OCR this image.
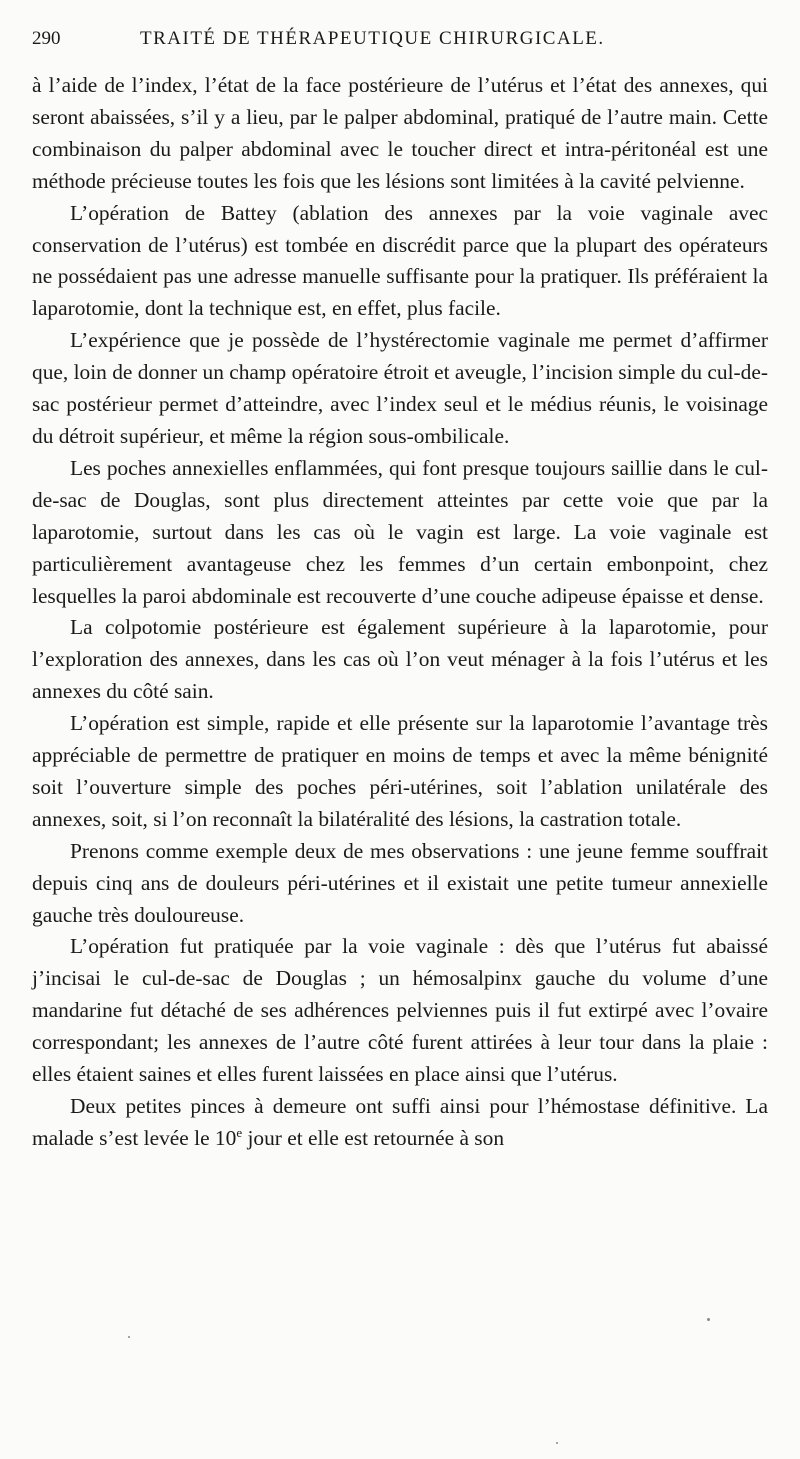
290	TRAITÉ DE THÉRAPEUTIQUE CHIRURGICALE.

à l’aide de l’index, l’état de la face postérieure de l’utérus et l’état des annexes, qui seront abaissées, s’il y a lieu, par le palper abdominal, pratiqué de l’autre main. Cette combinaison du palper abdominal avec le toucher direct et intra-péritonéal est une méthode précieuse toutes les fois que les lésions sont limitées à la cavité pelvienne.

L’opération de Battey (ablation des annexes par la voie vaginale avec conservation de l’utérus) est tombée en discrédit parce que la plupart des opérateurs ne possédaient pas une adresse manuelle suffisante pour la pratiquer. Ils préféraient la laparotomie, dont la technique est, en effet, plus facile.

L’expérience que je possède de l’hystérectomie vaginale me permet d’affirmer que, loin de donner un champ opératoire étroit et aveugle, l’incision simple du cul-de-sac postérieur permet d’atteindre, avec l’index seul et le médius réunis, le voisinage du détroit supérieur, et même la région sous-ombilicale.

Les poches annexielles enflammées, qui font presque toujours saillie dans le cul-de-sac de Douglas, sont plus directement atteintes par cette voie que par la laparotomie, surtout dans les cas où le vagin est large. La voie vaginale est particulièrement avantageuse chez les femmes d’un certain embonpoint, chez lesquelles la paroi abdominale est recouverte d’une couche adipeuse épaisse et dense.

La colpotomie postérieure est également supérieure à la laparotomie, pour l’exploration des annexes, dans les cas où l’on veut ménager à la fois l’utérus et les annexes du côté sain.

L’opération est simple, rapide et elle présente sur la laparotomie l’avantage très appréciable de permettre de pratiquer en moins de temps et avec la même bénignité soit l’ouverture simple des poches péri-utérines, soit l’ablation unilatérale des annexes, soit, si l’on reconnaît la bilatéralité des lésions, la castration totale.

Prenons comme exemple deux de mes observations : une jeune femme souffrait depuis cinq ans de douleurs péri-utérines et il existait une petite tumeur annexielle gauche très douloureuse.

L’opération fut pratiquée par la voie vaginale : dès que l’utérus fut abaissé j’incisai le cul-de-sac de Douglas ; un hémosalpinx gauche du volume d’une mandarine fut détaché de ses adhérences pelviennes puis il fut extirpé avec l’ovaire correspondant; les annexes de l’autre côté furent attirées à leur tour dans la plaie : elles étaient saines et elles furent laissées en place ainsi que l’utérus.

Deux petites pinces à demeure ont suffi ainsi pour l’hémostase définitive. La malade s’est levée le 10e jour et elle est retournée à son
